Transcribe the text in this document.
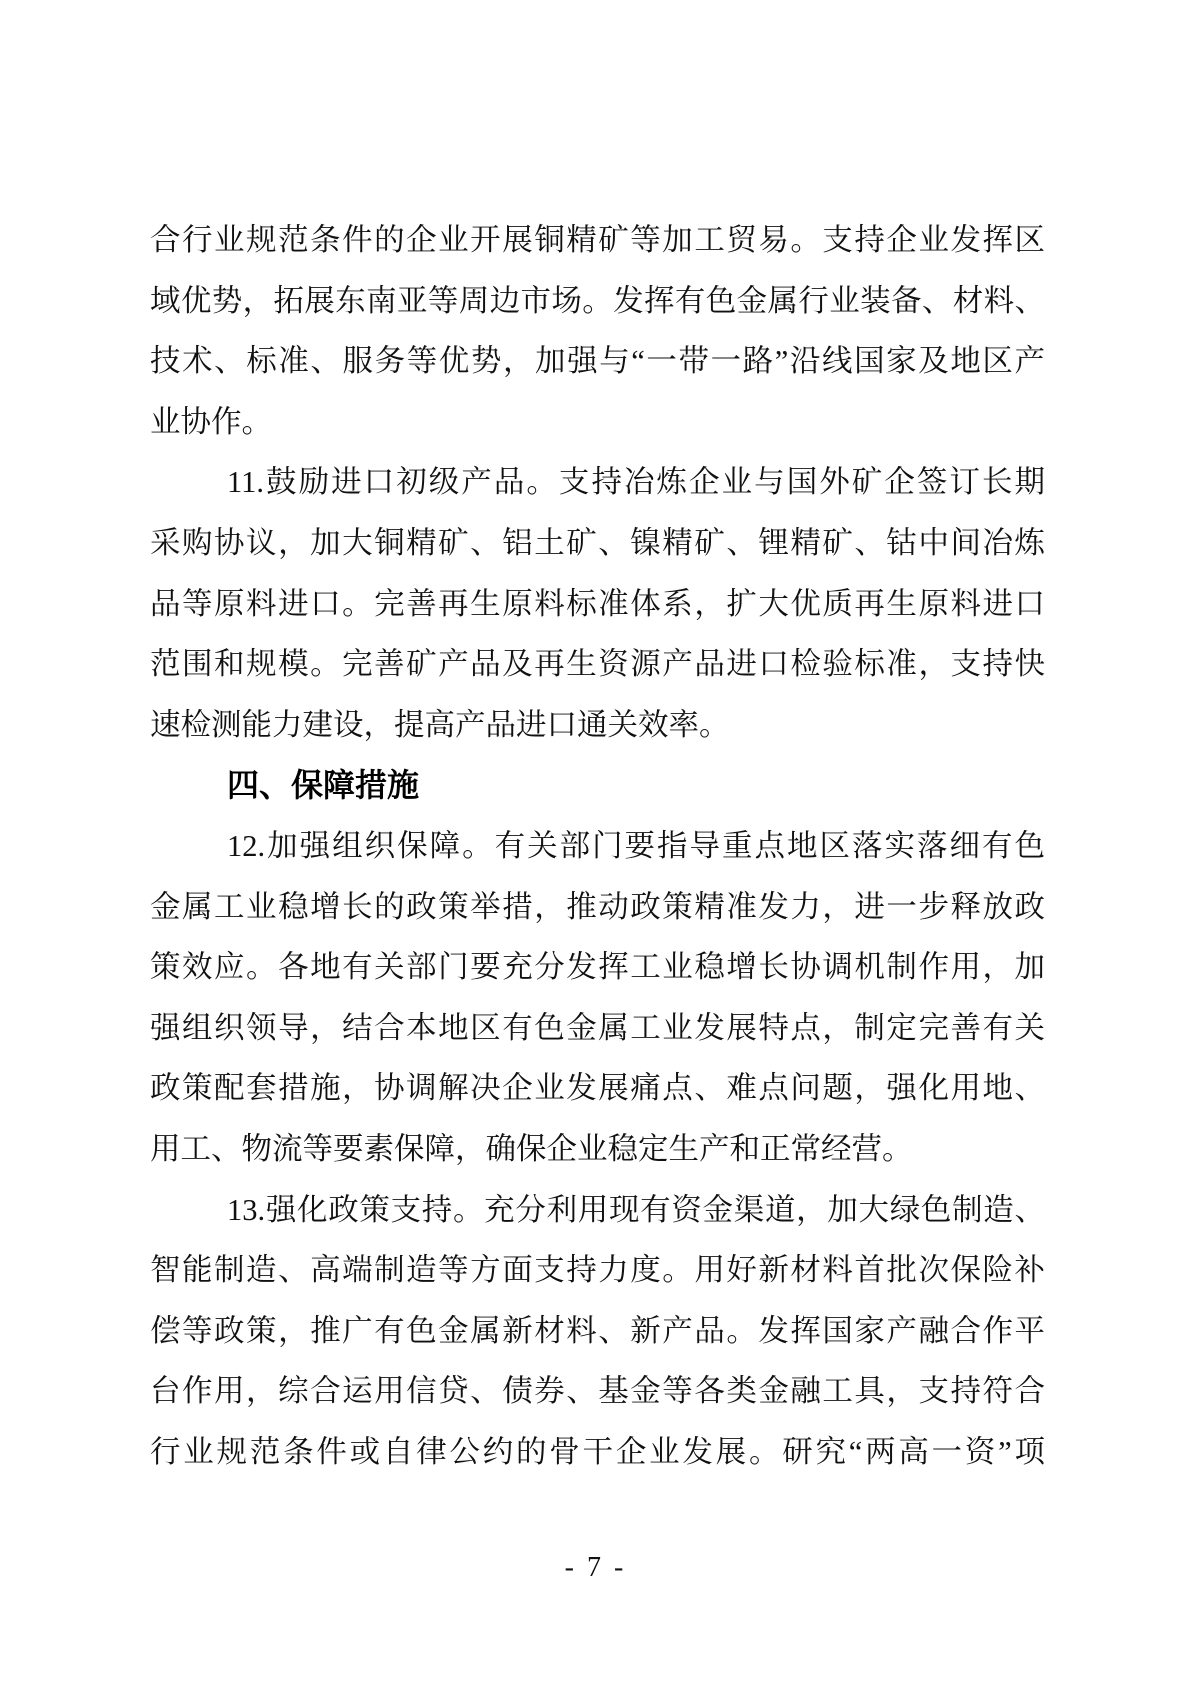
合行业规范条件的企业开展铜精矿等加工贸易。支持企业发挥区
域优势，拓展东南亚等周边市场。发挥有色金属行业装备、材料、
技术、标准、服务等优势，加强与“一带一路”沿线国家及地区产
业协作。
11.鼓励进口初级产品。支持冶炼企业与国外矿企签订长期
采购协议，加大铜精矿、铝土矿、镍精矿、锂精矿、钴中间冶炼
品等原料进口。完善再生原料标准体系，扩大优质再生原料进口
范围和规模。完善矿产品及再生资源产品进口检验标准，支持快
速检测能力建设，提高产品进口通关效率。
四、保障措施
12.加强组织保障。有关部门要指导重点地区落实落细有色
金属工业稳增长的政策举措，推动政策精准发力，进一步释放政
策效应。各地有关部门要充分发挥工业稳增长协调机制作用，加
强组织领导，结合本地区有色金属工业发展特点，制定完善有关
政策配套措施，协调解决企业发展痛点、难点问题，强化用地、
用工、物流等要素保障，确保企业稳定生产和正常经营。
13.强化政策支持。充分利用现有资金渠道，加大绿色制造、
智能制造、高端制造等方面支持力度。用好新材料首批次保险补
偿等政策，推广有色金属新材料、新产品。发挥国家产融合作平
台作用，综合运用信贷、债券、基金等各类金融工具，支持符合
行业规范条件或自律公约的骨干企业发展。研究“两高一资”项
- 7 -
